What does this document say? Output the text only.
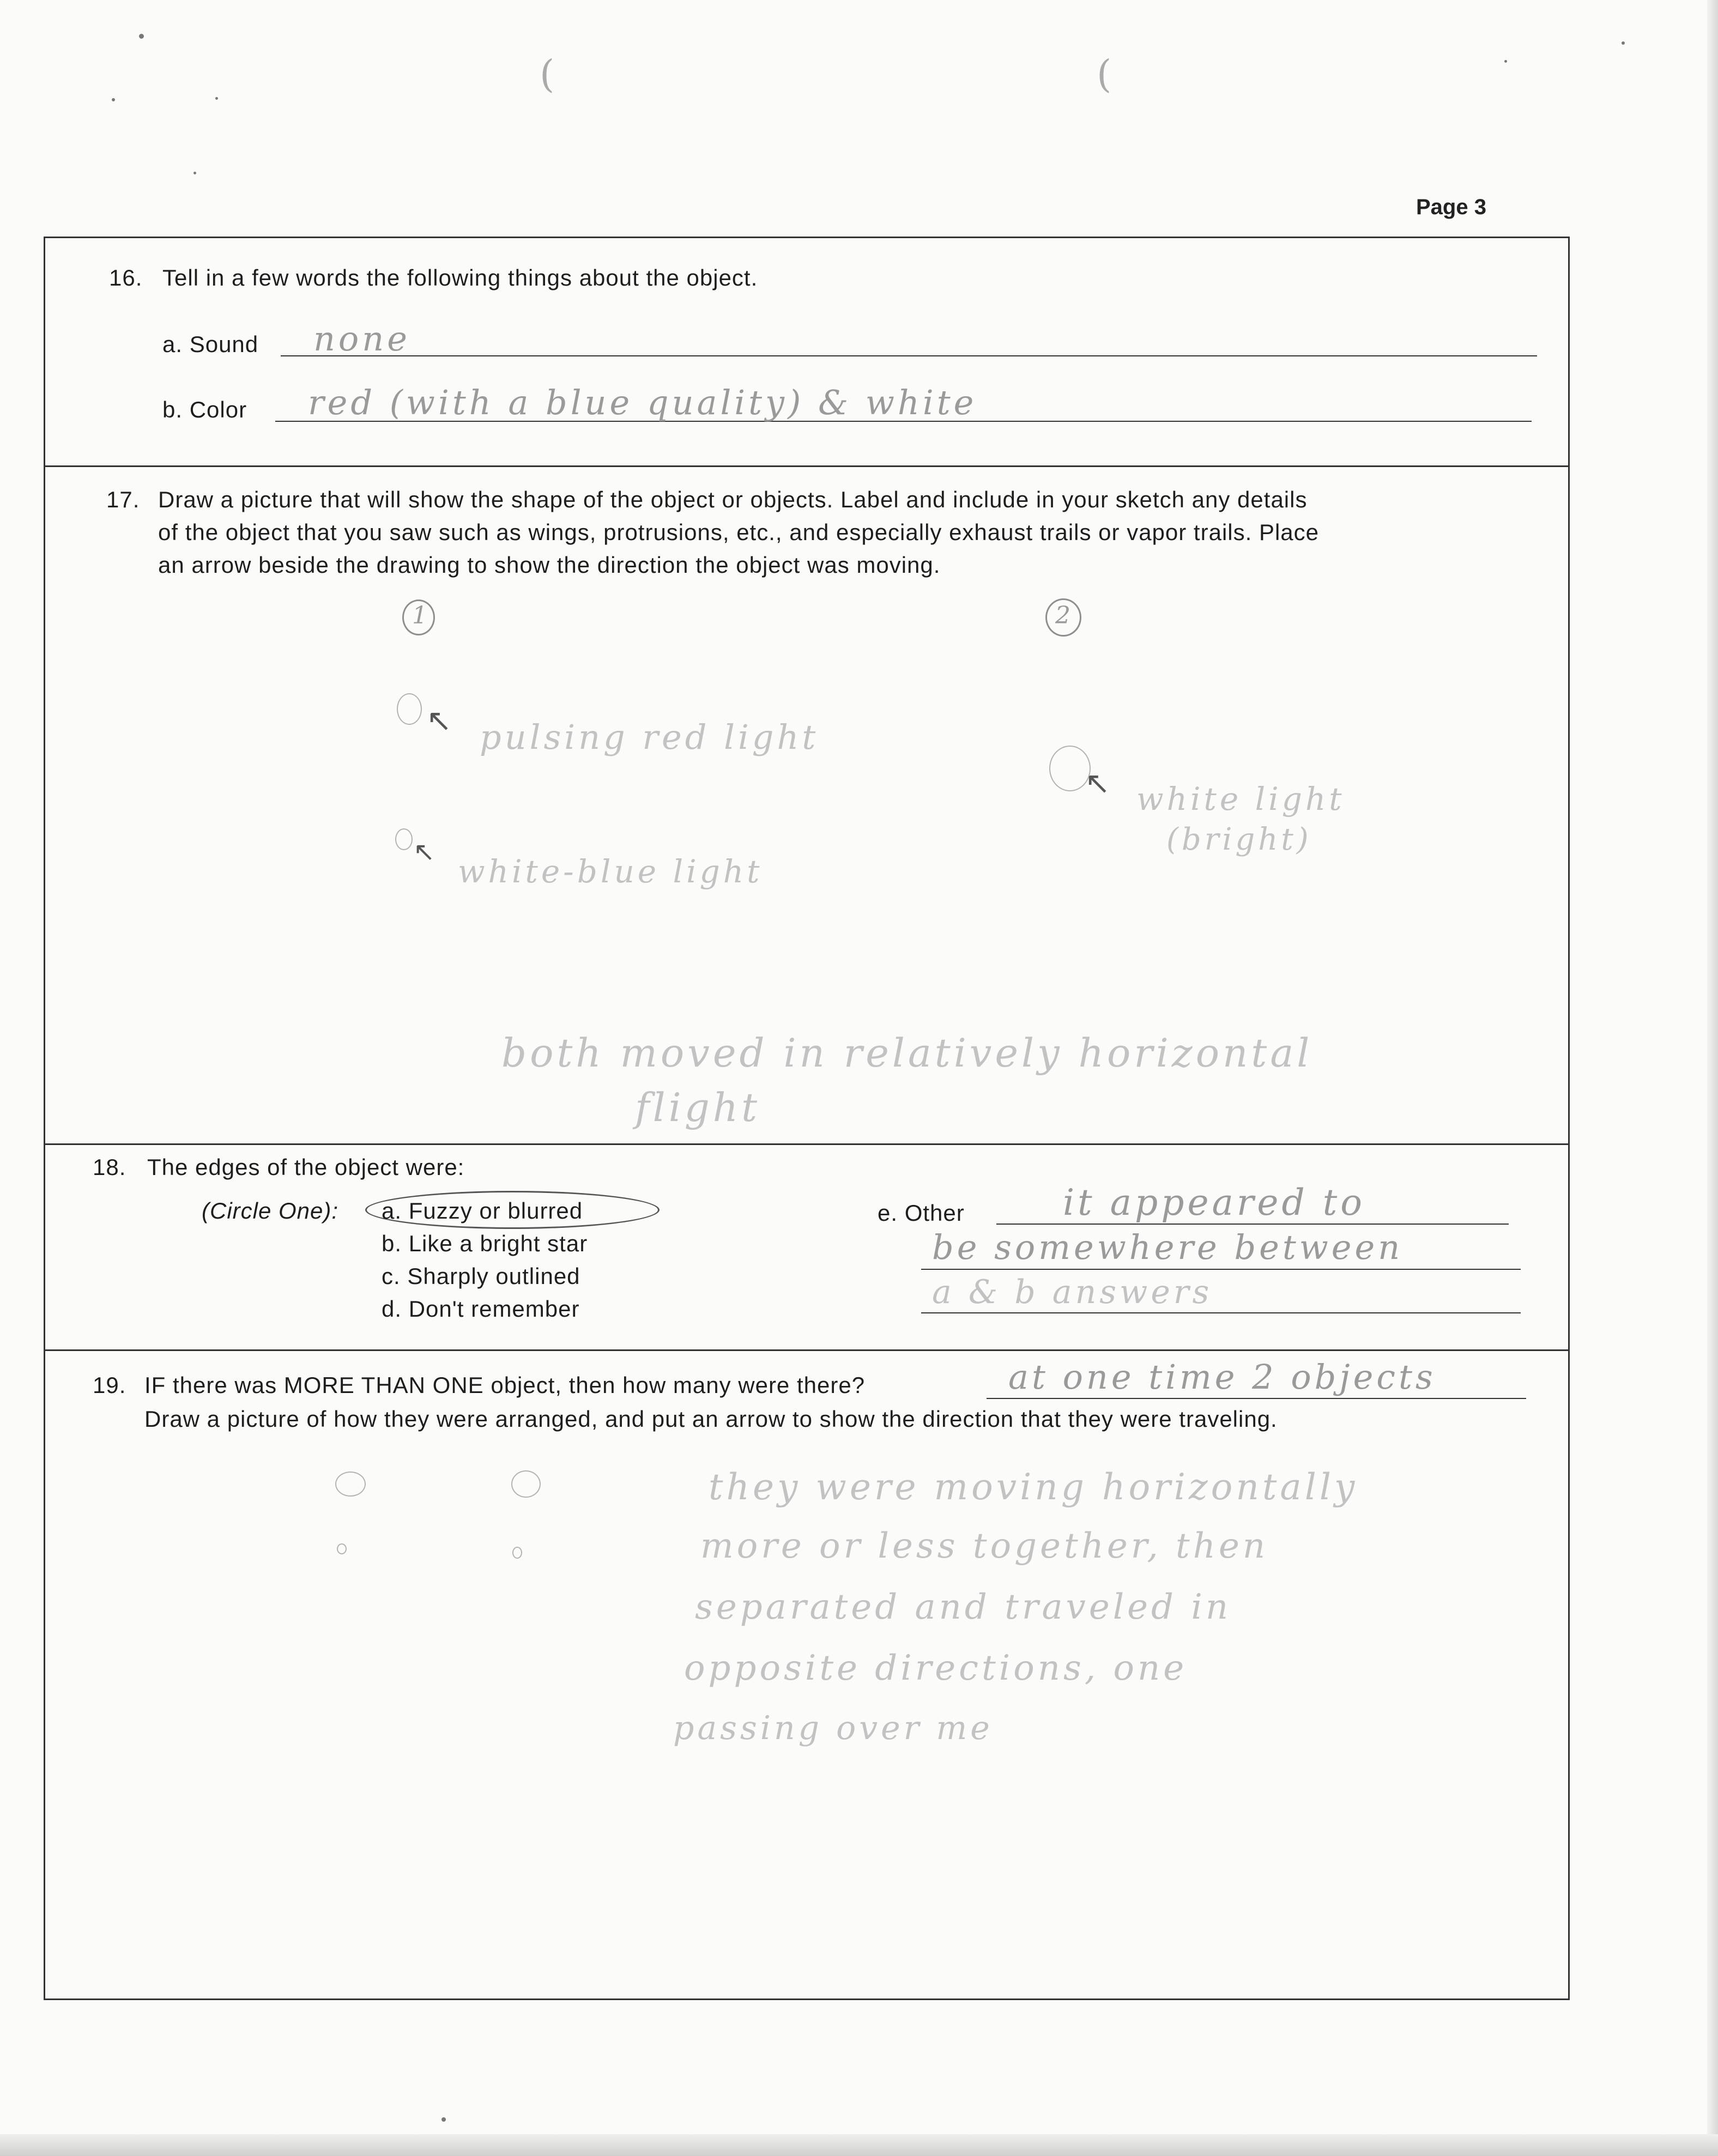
(	(
Page 3
16. Tell in a few words the following things about the object.
a. Sound none
b. Color red (with a blue quality) & white
17. Draw a picture that will show the shape of the object or objects. Label and include in your sketch any details
of the object that you saw such as wings, protrusions, etc., and especially exhaust trails or vapor trails. Place
an arrow beside the drawing to show the direction the object was moving.
1	2
↖ pulsing red light
↖
white-blue light
↖ white light
(bright)
both moved in relatively horizontal
flight
18. The edges of the object were:
(Circle One): a. Fuzzy or blurred
b. Like a bright star
c. Sharply outlined
d. Don't remember
e. Other	it appeared to
be somewhere between
a & b answers
19. IF there was MORE THAN ONE object, then how many were there?	at one time 2 objects
Draw a picture of how they were arranged, and put an arrow to show the direction that they were traveling.
they were moving horizontally
more or less together, then
separated and traveled in
opposite directions, one
passing over me
